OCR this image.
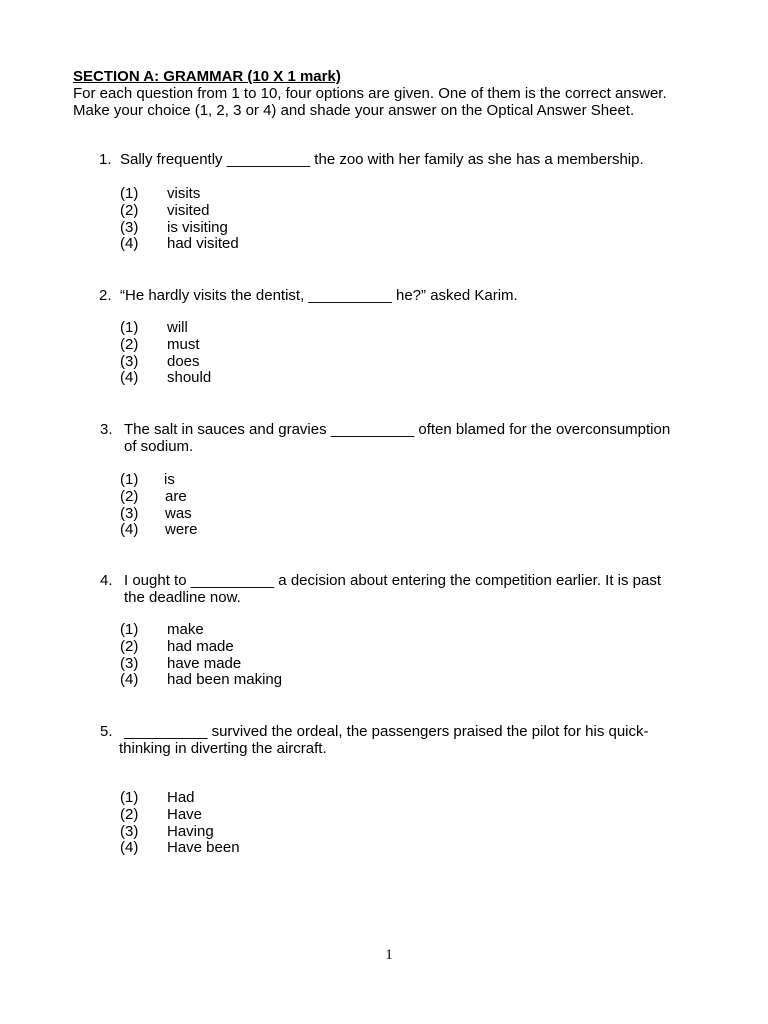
SECTION A: GRAMMAR (10 X 1 mark)
For each question from 1 to 10, four options are given. One of them is the correct answer.
Make your choice (1, 2, 3 or 4) and shade your answer on the Optical Answer Sheet.
1. Sally frequently __________ the zoo with her family as she has a membership.
(1) visits
(2) visited
(3) is visiting
(4) had visited
2. “He hardly visits the dentist, __________ he?” asked Karim.
(1) will
(2) must
(3) does
(4) should
3. The salt in sauces and gravies __________ often blamed for the overconsumption
of sodium.
(1) is
(2) are
(3) was
(4) were
4. I ought to __________ a decision about entering the competition earlier. It is past
the deadline now.
(1) make
(2) had made
(3) have made
(4) had been making
5. __________ survived the ordeal, the passengers praised the pilot for his quick-
thinking in diverting the aircraft.
(1) Had
(2) Have
(3) Having
(4) Have been
1
